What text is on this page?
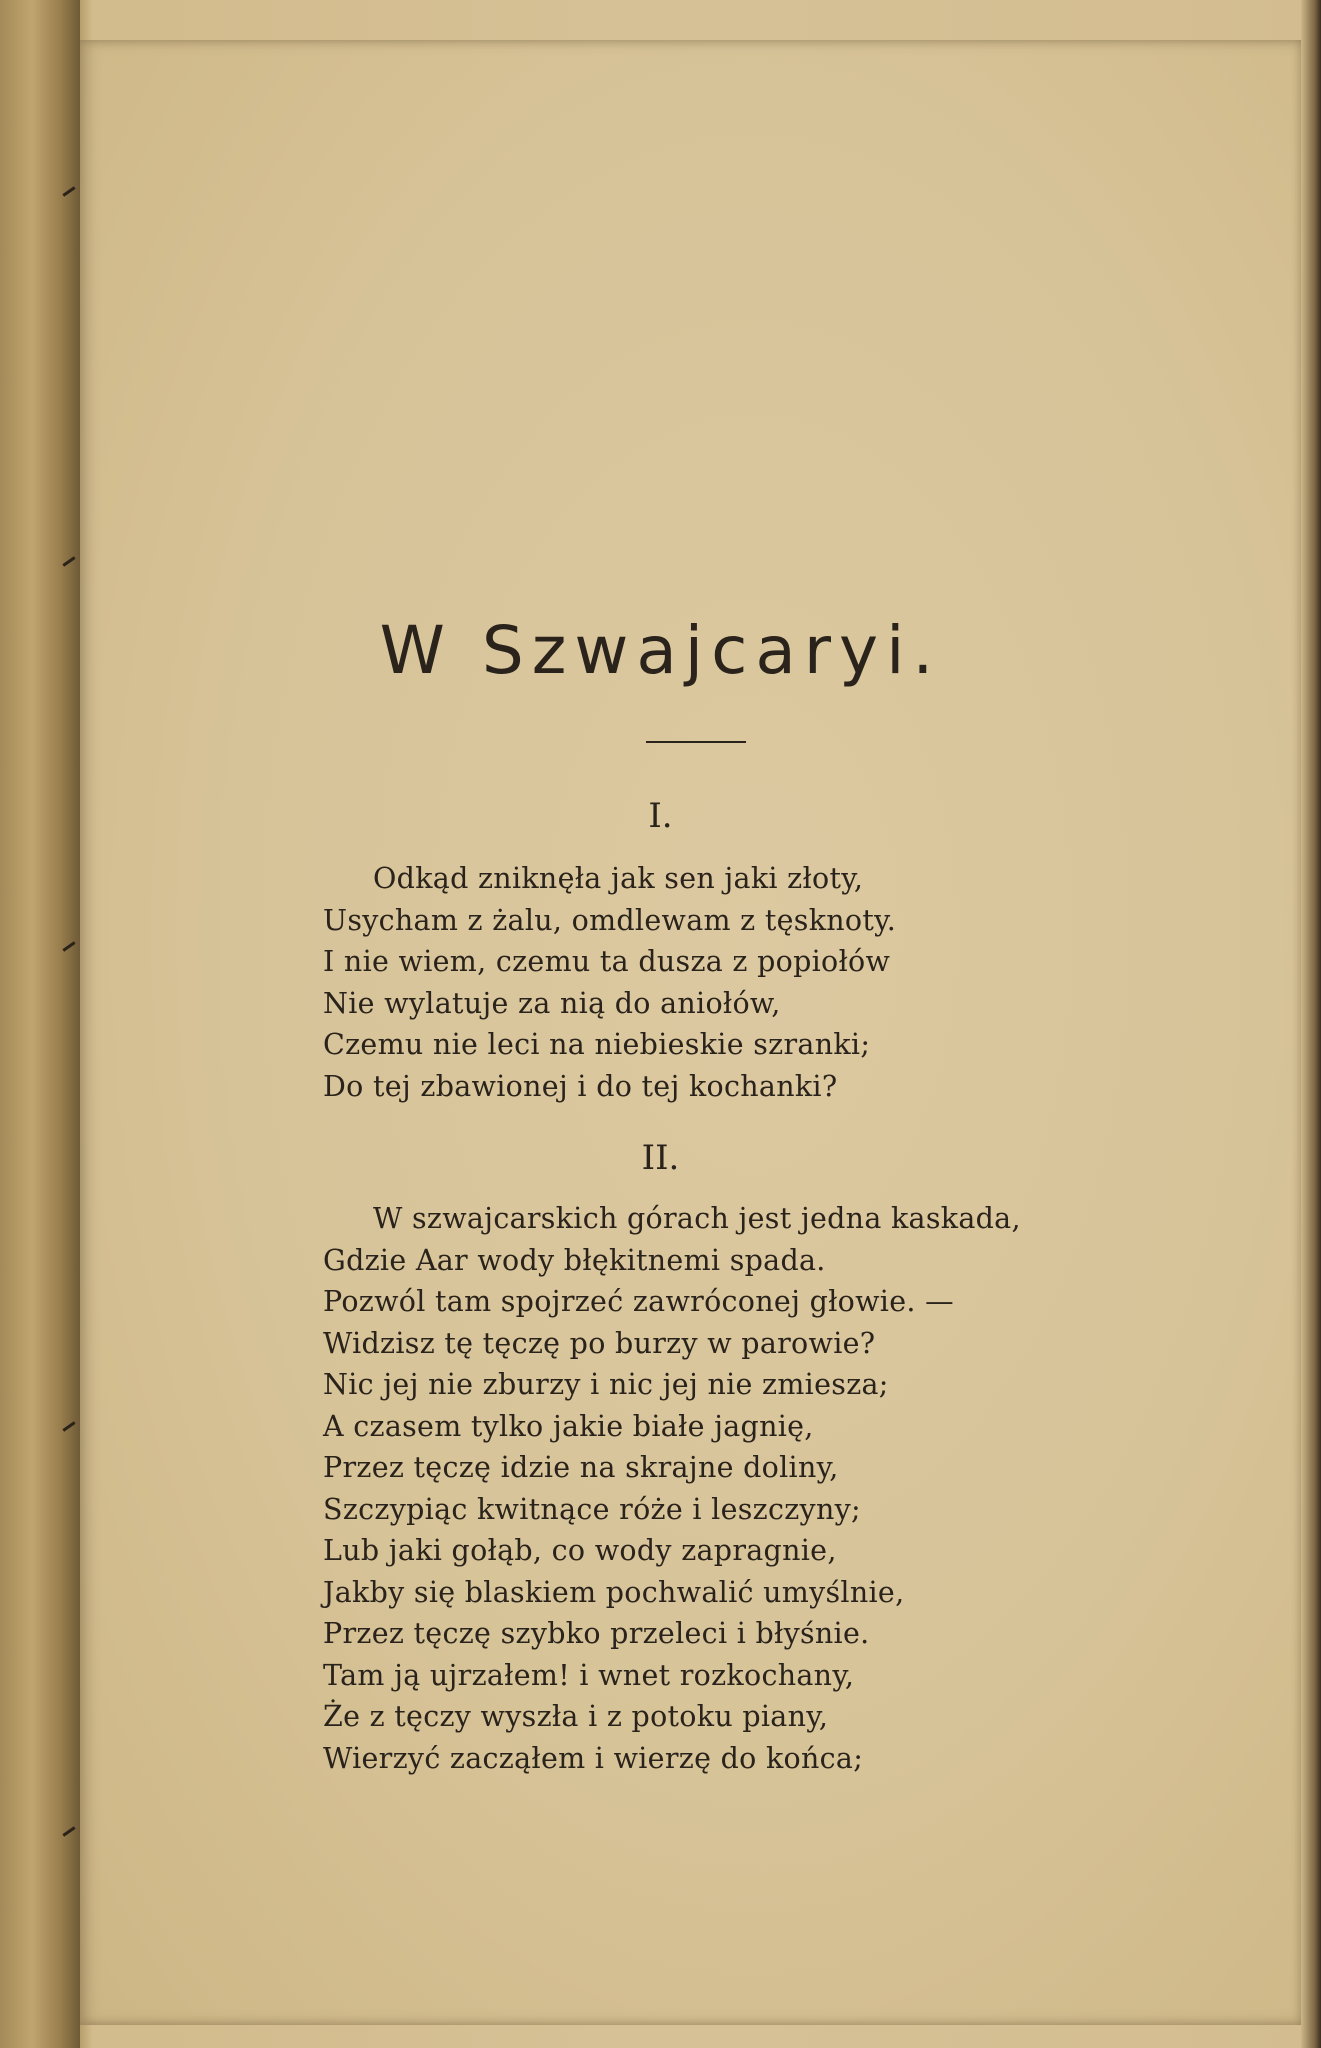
W Szwajcaryi.
I.
Odkąd zniknęła jak sen jaki złoty,
Usycham z żalu, omdlewam z tęsknoty.
I nie wiem, czemu ta dusza z popiołów
Nie wylatuje za nią do aniołów,
Czemu nie leci na niebieskie szranki;
Do tej zbawionej i do tej kochanki?
II.
W szwajcarskich górach jest jedna kaskada,
Gdzie Aar wody błękitnemi spada.
Pozwól tam spojrzeć zawróconej głowie. —
Widzisz tę tęczę po burzy w parowie?
Nic jej nie zburzy i nic jej nie zmiesza;
A czasem tylko jakie białe jagnię,
Przez tęczę idzie na skrajne doliny,
Szczypiąc kwitnące róże i leszczyny;
Lub jaki gołąb, co wody zapragnie,
Jakby się blaskiem pochwalić umyślnie,
Przez tęczę szybko przeleci i błyśnie.
Tam ją ujrzałem! i wnet rozkochany,
Że z tęczy wyszła i z potoku piany,
Wierzyć zacząłem i wierzę do końca;
